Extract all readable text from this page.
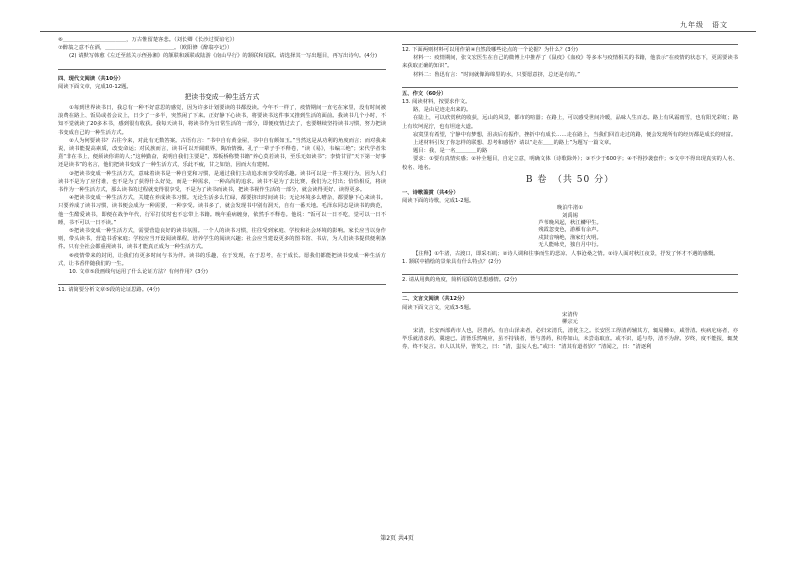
九年级　语文

⑥＿＿＿＿＿＿＿＿＿＿＿＿，万古惟留楚客悲。（刘长卿《长沙过贾谊宅》）

⑦醉翁之意不在酒，＿＿＿＿＿＿＿＿＿＿＿＿＿。（欧阳修《醉翁亭记》）

(2) 请默写韩愈《左迁至蓝关示侄孙湘》的颔联和颈联或陆游《南山早行》的颔联和尾联。请选择其一写出题目，再写出诗句。(4分)

四、现代文阅读（共10分）

阅读下面文章，完成10-12题。

把读书变成一种生活方式

①每到世界读书日，我总有一种不好意思的感觉，因为许多计划要读的书都没读。今年不一样了，疫情期间一直宅在家里，没有时间被浪费在路上、饭局或者会议上，日少了一多半，突然闲了下来。正好静下心读书，将要读书这件事又推到生活的面前。我读书几个小时，不知不觉就读了20多本书，感到很有收获。我每天读书，将读书作为日常生活的一部分，即便疫情过去了，也要继续坚持读书习惯，努力把读书变成自己的一种生活方式。

②人为何要读书？古往今来，对此有无数答案。古语有言：“书中自有黄金屋，书中自有颜如玉。”当然这是从功利的角度而言；而对我来说，读书能提高素质，改变命运；对民族而言，读书可以开阔眼界，陶冶情操。孔子一辈子手不释卷，“读《易》，韦编三绝”；宋代学者朱熹“非在书上，便须读你讲的人；”这种勤奋，说明自我们主要是”，郑板桥称赞书籍“养心莫若读书，至乐无如读书”；李贽甘冒“天下第一好事还是读书”的名言，他们把读书变成了一种生活方式，乐此不疲，甘之如饴，因而大有建树。

③把读书变成一种生活方式，意味着读书是一种自觉和习惯，是通过我们主动追求而享受的乐趣。读书可以是一件主观行为，因为人们读书不是为了应付谁，也不是为了获得什么好处，而是一种需求，一种高尚的追求。读书不是为了去比赛，我们为之付出；恰恰相反，将读书作为一种生活方式，那么读书的过程就变得很享受，不是为了读书而读书，把读书视作生活的一部分，就会读得更好、读得更多。

④把读书变成一种生活方式，关键在养成读书习惯。无论生活多么忙碌，都要挤出时间读书；无论环境多么嘈杂，都要静下心来读书。只要养成了读书习惯，读书便会成为一种需要，一种享受。读书多了，就会发现书中别有洞天，自有一番天地。毛泽东同志是读书的典范，他一生酷爱读书，即便在战争年代，行军打仗时也不忘带上书籍。晚年重病缠身，依然手不释卷。他说：“饭可以一日不吃，觉可以一日不睡，书不可以一日不读。”

⑤把读书变成一种生活方式，需要营造良好的读书氛围。一个人的读书习惯，往往受到家庭、学校和社会环境的影响。家长应当以身作则，带头读书，营造书香家庭；学校应当开设阅读课程，培养学生的阅读兴趣；社会应当建设更多的图书馆、书店，为人们读书提供便利条件。只有全社会都重视读书，读书才能真正成为一种生活方式。

⑥疫情带来的封闭，让我们有更多时间与书为伴。读书的乐趣，在于发现，在于思考，在于成长。愿我们都能把读书变成一种生活方式，让书香伴随我们的一生。

10. 文章⑤段画线句运用了什么论证方法？有何作用？(3分)

11. 请简要分析文章⑤段的论证思路。(4分)

12. 下面两则材料可以用作第④自然段哪些论点的一个论据？为什么？(3分)

材料一：疫情期间，张文宏医生在自己的微博上中推荐了《鼠疫》《血疫》等多本与疫情相关的书籍，他表示“在疫情的状态下，更需要读书来获取正确的知识”。

材料二：鲁迅有言：“时间就像海绵里的水，只要愿意挤，总还是有的。”

五、作文（60分）

13. 阅读材料，按要求作文。

路，是由足迹走出来的。

在陆上，可以欣赏秋的收获，远山的风景，都市的喧嚣；在路上，可以感受世间冷暖，品味人生百态。路上有风霜雨雪，也有阳光彩虹；路上有坎坷泥泞，也有坦途大道。

寂寞里有希望，宁静中有梦想，沮丧后有振作，挫折中有成长……走在路上，当我们回首走过的路，便会发现所有的经历都是成长的财富。

上述材料引发了你怎样的联想、思考和感悟？请以“走在＿＿的路上”为题写一篇文章。

题目：我，是一名＿＿＿＿的路

要求：①要有真情实感；②补全题目，自定立意，明确文体（诗歌除外）；③不少于600字；④不得抄袭套作；⑤文中不得出现真实的人名、校名、地名。

B 卷　（共 50 分）

一、诗歌鉴赏（共4分）

阅读下面的诗歌，完成1-2题。

晚泊牛渚①
刘禹锡
芦苇晚风起，秋江鳞甲生。
残霞忽变色，游雁有余声。
戍鼓音响绝，渔家灯火明。
无人能咏史，独自月中行。

【注释】①牛渚，古渡口，即采石矶；②诗人调和往事而生的悲凉、人事沧桑之情。②诗人面对秋江夜景，抒发了怀才不遇的感慨。

1. 颔联中描绘的景象具有什么特点？(2分)

2. 请从用典的角度，简析尾联的思想感情。(2分)

二、文言文阅读（共12分）

阅读下面文言文，完成3-5题。

宋清传
柳宗元

宋清，长安西部药市人也，居善药。有自山泽来者，必归宋清氏，清优主之。长安医工得清药辅其方，辄易雠①，咸誉清。疾病庀疡者，亦毕乐就清求药，冀速已。清皆乐然响应，虽不持钱者，皆与善药，积券如山，未尝诣取直。或不识，遥与券，清不为辞。岁终，度不能报，辄焚券，终不复言。市人以其异，皆笑之，曰：“清，蚩妄人也。”或曰：“清其有道者欤？”清闻之，曰：“清逐利

第2页 共4页
